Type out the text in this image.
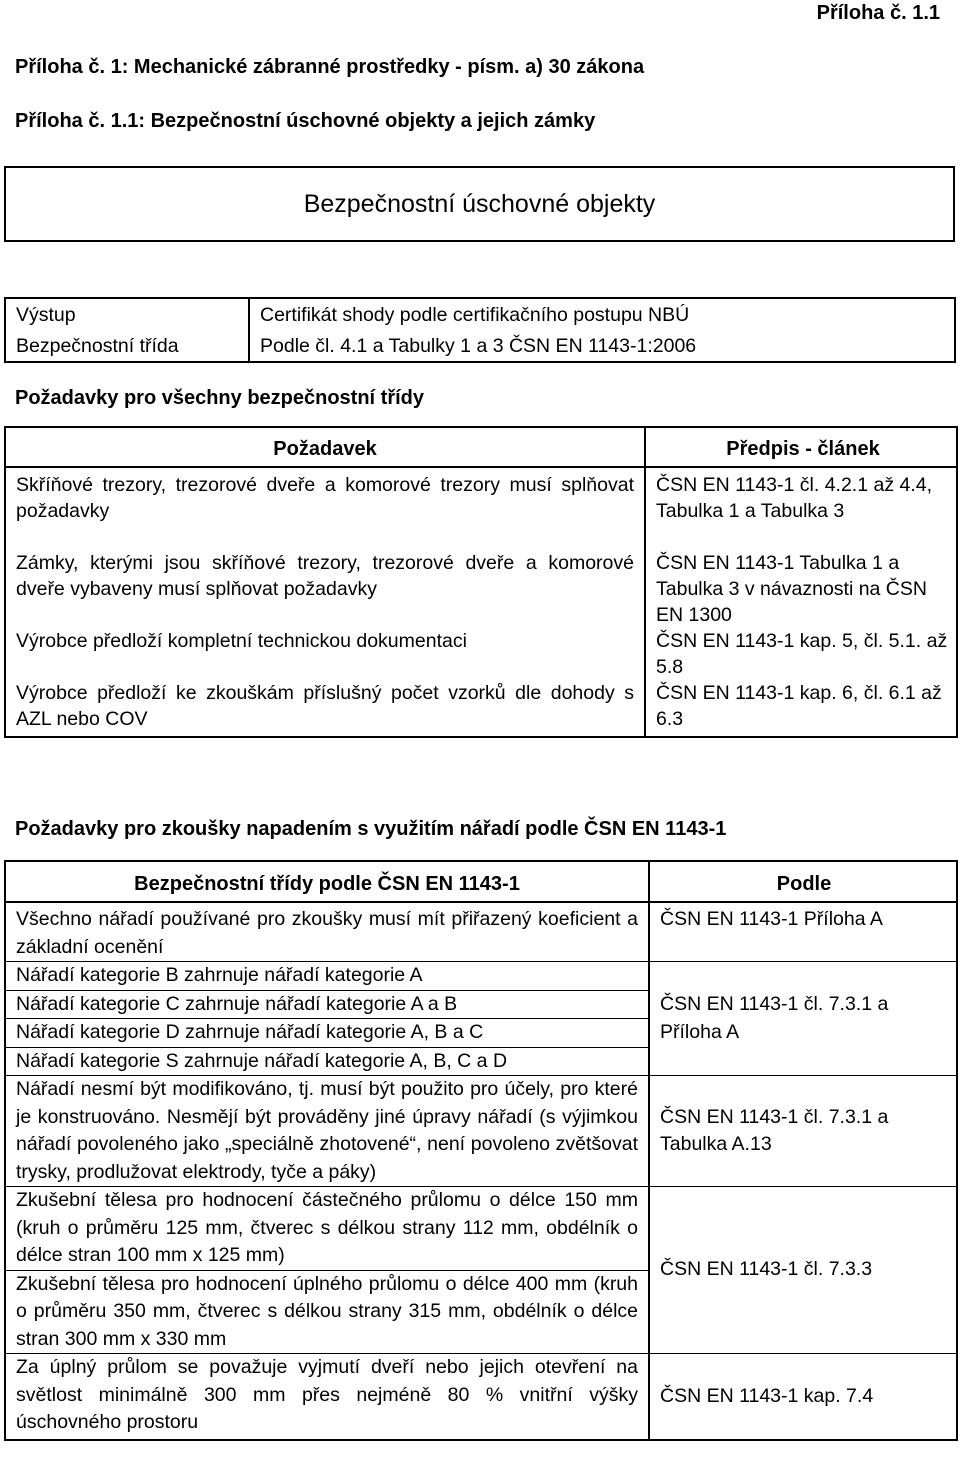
Příloha č. 1.1
Příloha č. 1: Mechanické zábranné prostředky - písm. a) 30 zákona
Příloha č. 1.1: Bezpečnostní úschovné objekty a jejich zámky
Bezpečnostní úschovné objekty
Výstup	Certifikát shody podle certifikačního postupu NBÚ
Bezpečnostní třída	Podle čl. 4.1 a Tabulky 1 a 3 ČSN EN 1143-1:2006
Požadavky pro všechny bezpečnostní třídy
Požadavek	Předpis - článek
Skříňové trezory, trezorové dveře a komorové trezory musí splňovat požadavky	ČSN EN 1143-1 čl. 4.2.1 až 4.4, Tabulka 1 a Tabulka 3
Zámky, kterými jsou skříňové trezory, trezorové dveře a komorové dveře vybaveny musí splňovat požadavky	ČSN EN 1143-1 Tabulka 1 a Tabulka 3 v návaznosti na ČSN EN 1300
Výrobce předloží kompletní technickou dokumentaci	ČSN EN 1143-1 kap. 5, čl. 5.1. až 5.8
Výrobce předloží ke zkouškám příslušný počet vzorků dle dohody s AZL nebo COV	ČSN EN 1143-1 kap. 6, čl. 6.1 až 6.3
Požadavky pro zkoušky napadením s využitím nářadí podle ČSN EN 1143-1
Bezpečnostní třídy podle ČSN EN 1143-1	Podle
Všechno nářadí používané pro zkoušky musí mít přiřazený koeficient a základní ocenění	ČSN EN 1143-1 Příloha A
Nářadí kategorie B zahrnuje nářadí kategorie A	ČSN EN 1143-1 čl. 7.3.1 a Příloha A
Nářadí kategorie C zahrnuje nářadí kategorie A a B	
Nářadí kategorie D zahrnuje nářadí kategorie A, B a C	
Nářadí kategorie S zahrnuje nářadí kategorie A, B, C a D	
Nářadí nesmí být modifikováno, tj. musí být použito pro účely, pro které je konstruováno. Nesmějí být prováděny jiné úpravy nářadí (s výjimkou nářadí povoleného jako „speciálně zhotovené“, není povoleno zvětšovat trysky, prodlužovat elektrody, tyče a páky)	ČSN EN 1143-1 čl. 7.3.1 a Tabulka A.13
Zkušební tělesa pro hodnocení částečného průlomu o délce 150 mm (kruh o průměru 125 mm, čtverec s délkou strany 112 mm, obdélník o délce stran 100 mm x 125 mm)	ČSN EN 1143-1 čl. 7.3.3
Zkušební tělesa pro hodnocení úplného průlomu o délce 400 mm (kruh o průměru 350 mm, čtverec s délkou strany 315 mm, obdélník o délce stran 300 mm x 330 mm	
Za úplný průlom se považuje vyjmutí dveří nebo jejich otevření na světlost minimálně 300 mm přes nejméně 80 % vnitřní výšky úschovného prostoru	ČSN EN 1143-1 kap. 7.4
